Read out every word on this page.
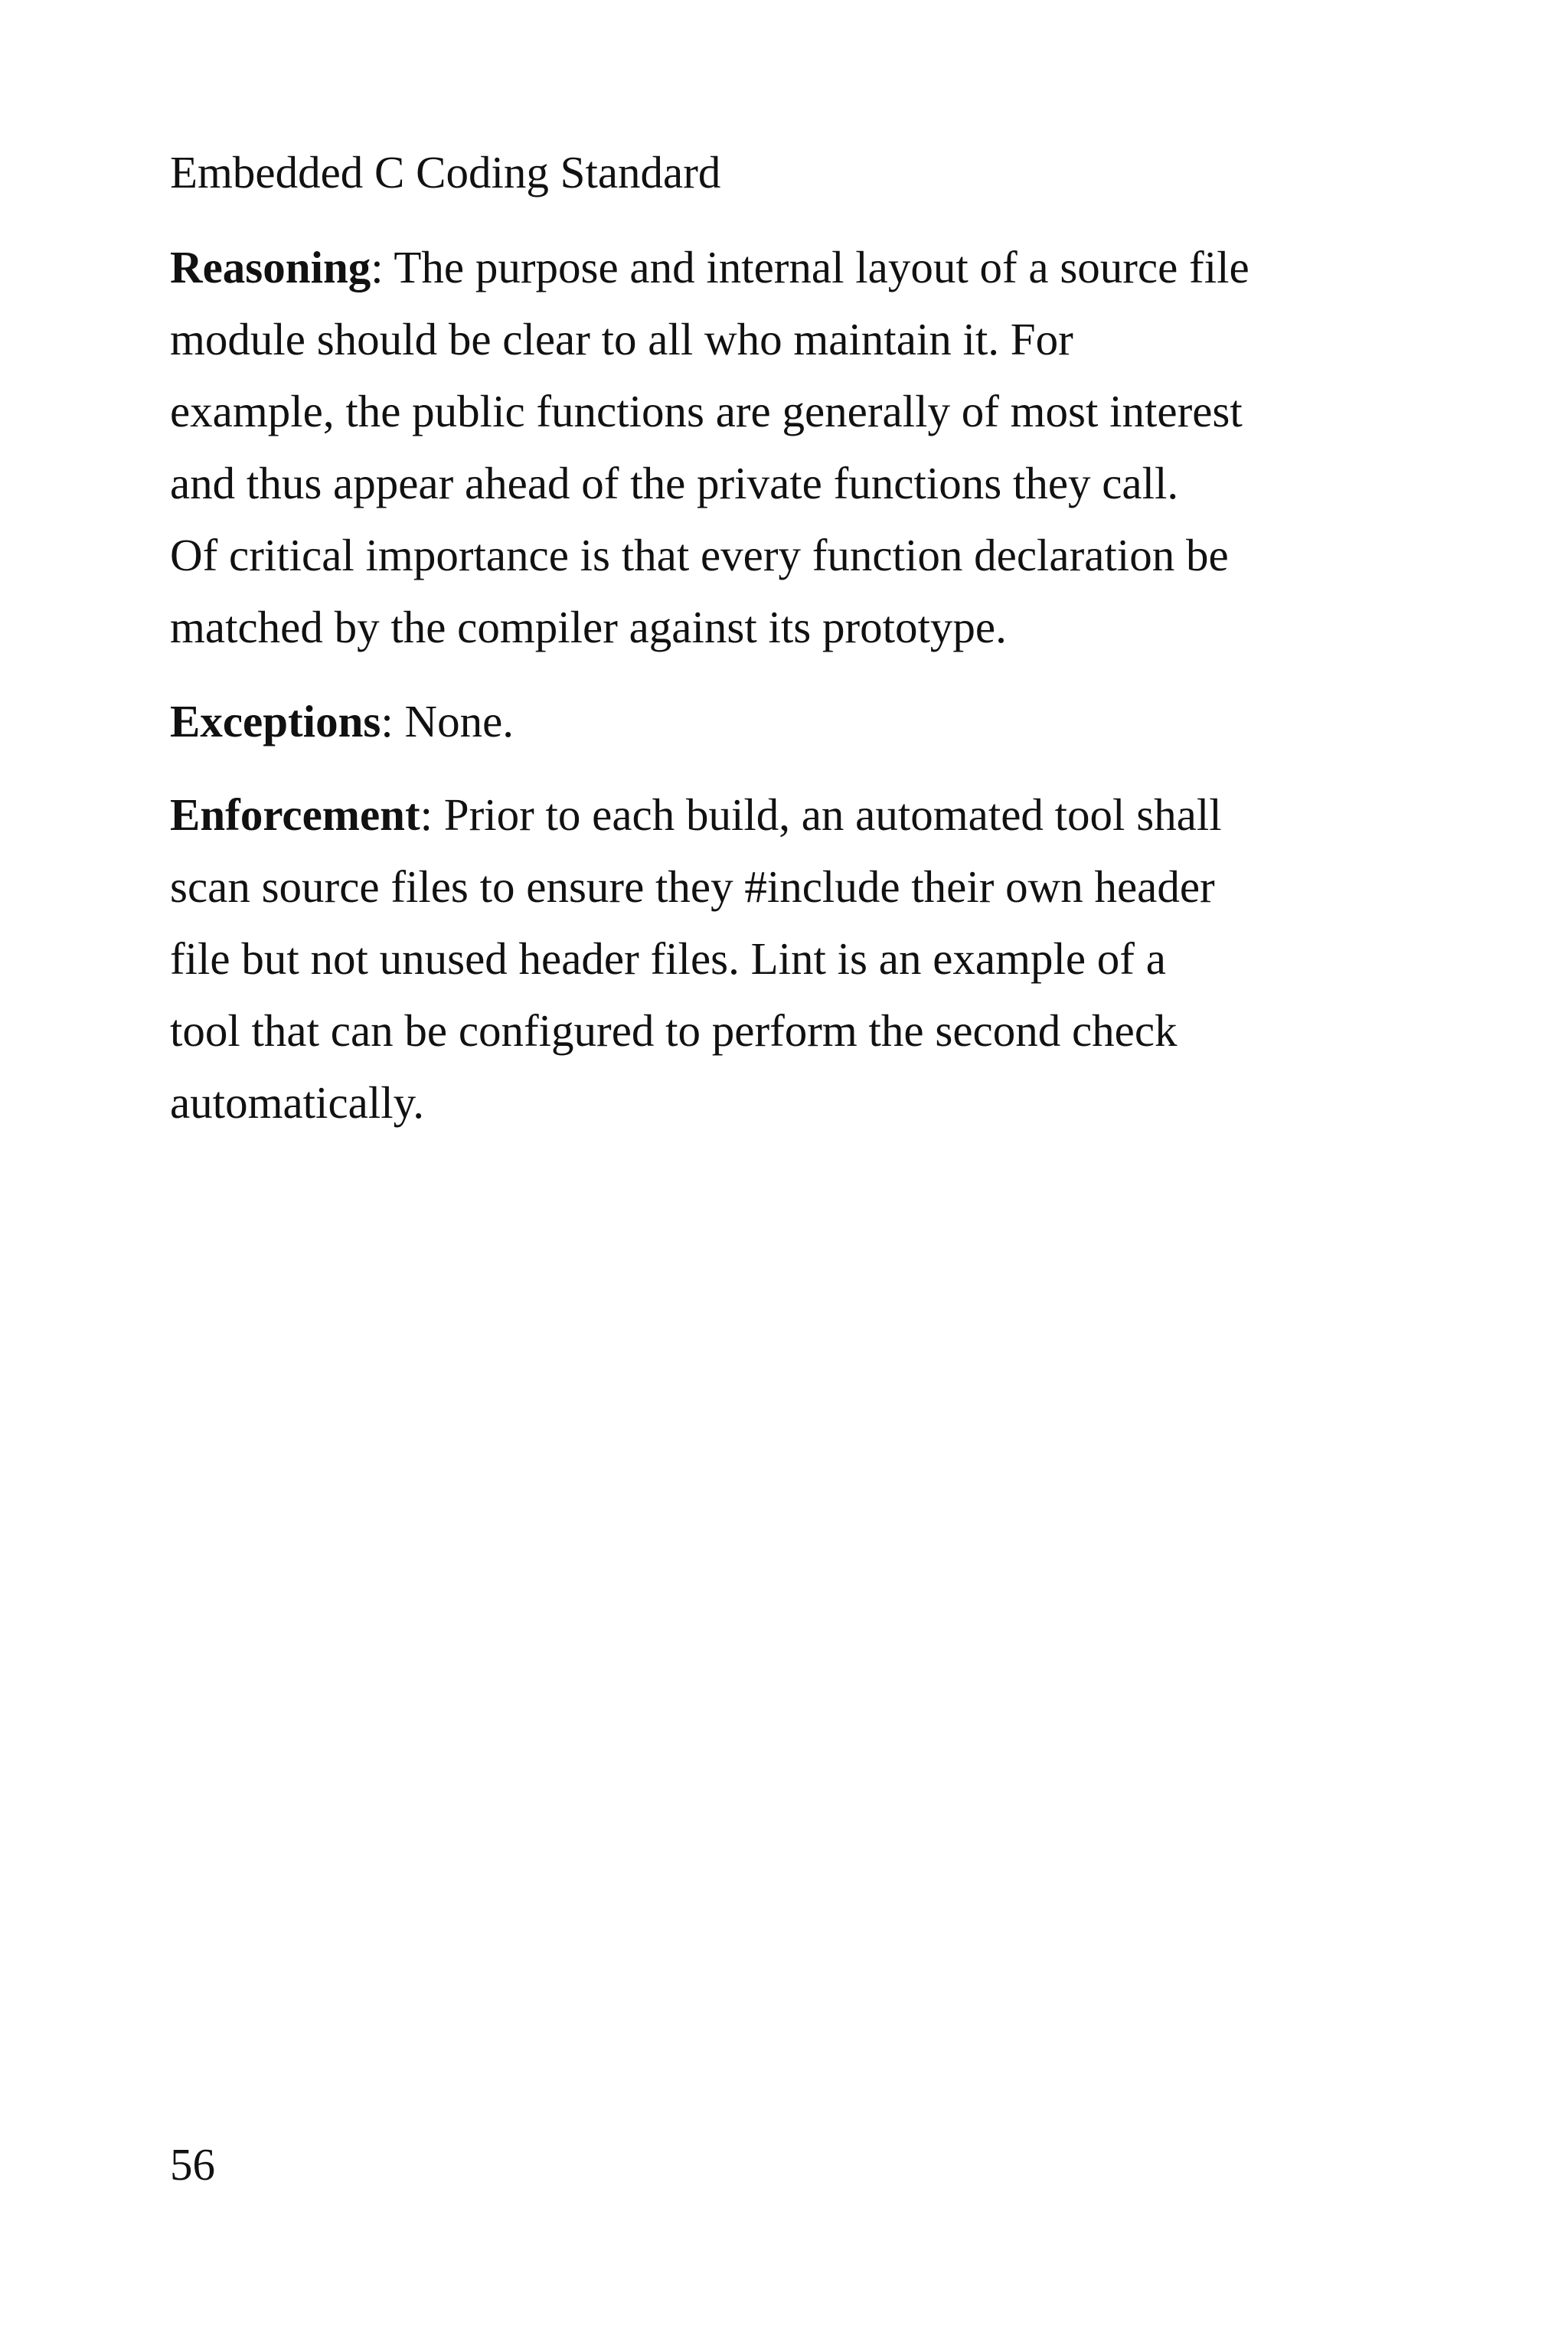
Embedded C Coding Standard
Reasoning: The purpose and internal layout of a source file
module should be clear to all who maintain it. For
example, the public functions are generally of most interest
and thus appear ahead of the private functions they call.
Of critical importance is that every function declaration be
matched by the compiler against its prototype.
Exceptions: None.
Enforcement: Prior to each build, an automated tool shall
scan source files to ensure they #include their own header
file but not unused header files. Lint is an example of a
tool that can be configured to perform the second check
automatically.
56
